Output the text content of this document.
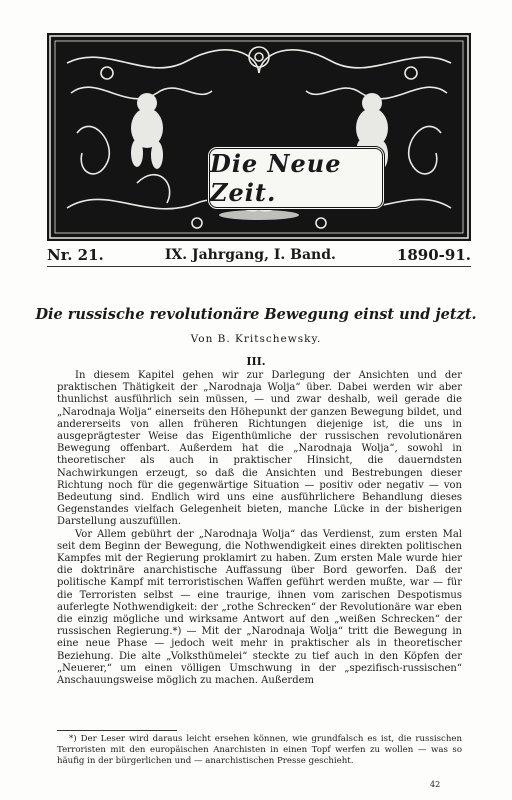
Die Neue Zeit.
Nr. 21.	IX. Jahrgang, I. Band.	1890-91.
Die russische revolutionäre Bewegung einst und jetzt.
Von B. Kritschewsky.
III.

In diesem Kapitel gehen wir zur Darlegung der Ansichten und der praktischen Thätigkeit der „Narodnaja Wolja“ über. Dabei werden wir aber thunlichst ausführlich sein müssen, — und zwar deshalb, weil gerade die „Narodnaja Wolja“ einerseits den Höhepunkt der ganzen Bewegung bildet, und andererseits von allen früheren Richtungen diejenige ist, die uns in ausgeprägtester Weise das Eigenthümliche der russischen revolutionären Bewegung offenbart. Außerdem hat die „Narodnaja Wolja“, sowohl in theoretischer als auch in praktischer Hinsicht, die dauerndsten Nachwirkungen erzeugt, so daß die Ansichten und Bestrebungen dieser Richtung noch für die gegenwärtige Situation — positiv oder negativ — von Bedeutung sind. Endlich wird uns eine ausführlichere Behandlung dieses Gegenstandes vielfach Gelegenheit bieten, manche Lücke in der bisherigen Darstellung auszufüllen.

Vor Allem gebührt der „Narodnaja Wolja“ das Verdienst, zum ersten Mal seit dem Beginn der Bewegung, die Nothwendigkeit eines direkten politischen Kampfes mit der Regierung proklamirt zu haben. Zum ersten Male wurde hier die doktrinäre anarchistische Auffassung über Bord geworfen. Daß der politische Kampf mit terroristischen Waffen geführt werden mußte, war — für die Terroristen selbst — eine traurige, ihnen vom zarischen Despotismus auferlegte Nothwendigkeit: der „rothe Schrecken“ der Revolutionäre war eben die einzig mögliche und wirksame Antwort auf den „weißen Schrecken“ der russischen Regierung.*) — Mit der „Narodnaja Wolja“ tritt die Bewegung in eine neue Phase — jedoch weit mehr in praktischer als in theoretischer Beziehung. Die alte „Volksthümelei“ steckte zu tief auch in den Köpfen der „Neuerer,“ um einen völligen Umschwung in der „spezifisch-russischen“ Anschauungsweise möglich zu machen. Außerdem

*) Der Leser wird daraus leicht ersehen können, wie grundfalsch es ist, die russischen Terroristen mit den europäischen Anarchisten in einen Topf werfen zu wollen — was so häufig in der bürgerlichen und — anarchistischen Presse geschieht.

42
